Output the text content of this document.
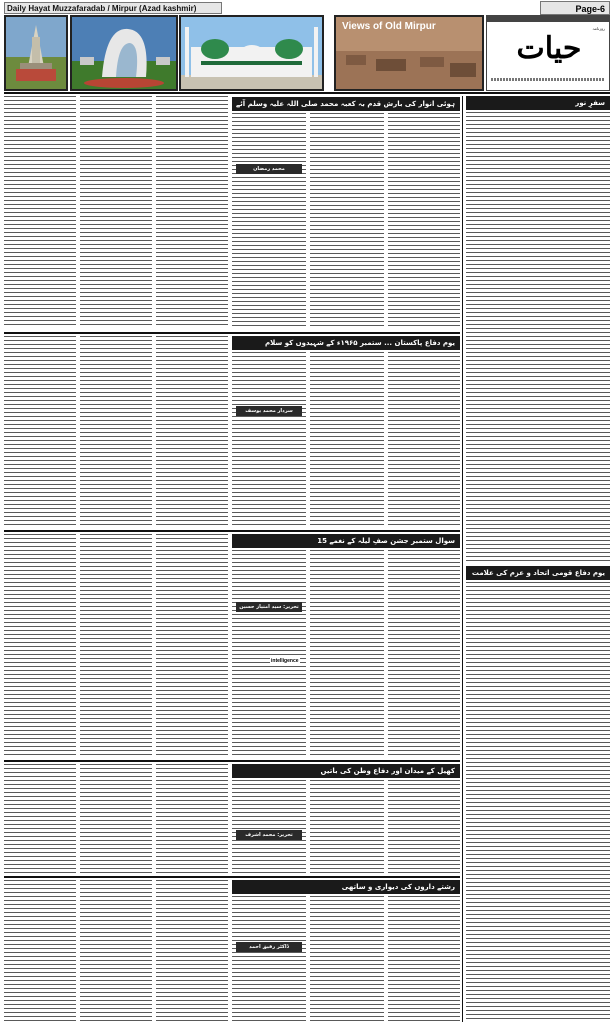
Daily Hayat Muzzafaradab / Mirpur (Azad kashmir)	Page-6
Views of Old Mirpur
	روزنامہ
حیات
سفرِ نور
یوم دفاع قومی اتحاد و عزم کی علامت
ہوئی انوار کی بارش قدم بہ کعبہ محمد صلی اللہ علیہ وسلم آئے
محمد رمضان
یوم دفاع پاکستان ... ستمبر ۱۹۶۵ء کے شہیدوں کو سلام
سردار محمد یوسف
15 سوال ستمبر جشن صفِ لیلہ کے نغمے
تحریر: سید امتیاز حسین
intelligence
کھیل کے میدان اور دفاع وطن کی باتیں
تحریر: محمد اشرف
رشتے داروں کی دیواری و ساتھی
ڈاکٹر رفیق احمد
